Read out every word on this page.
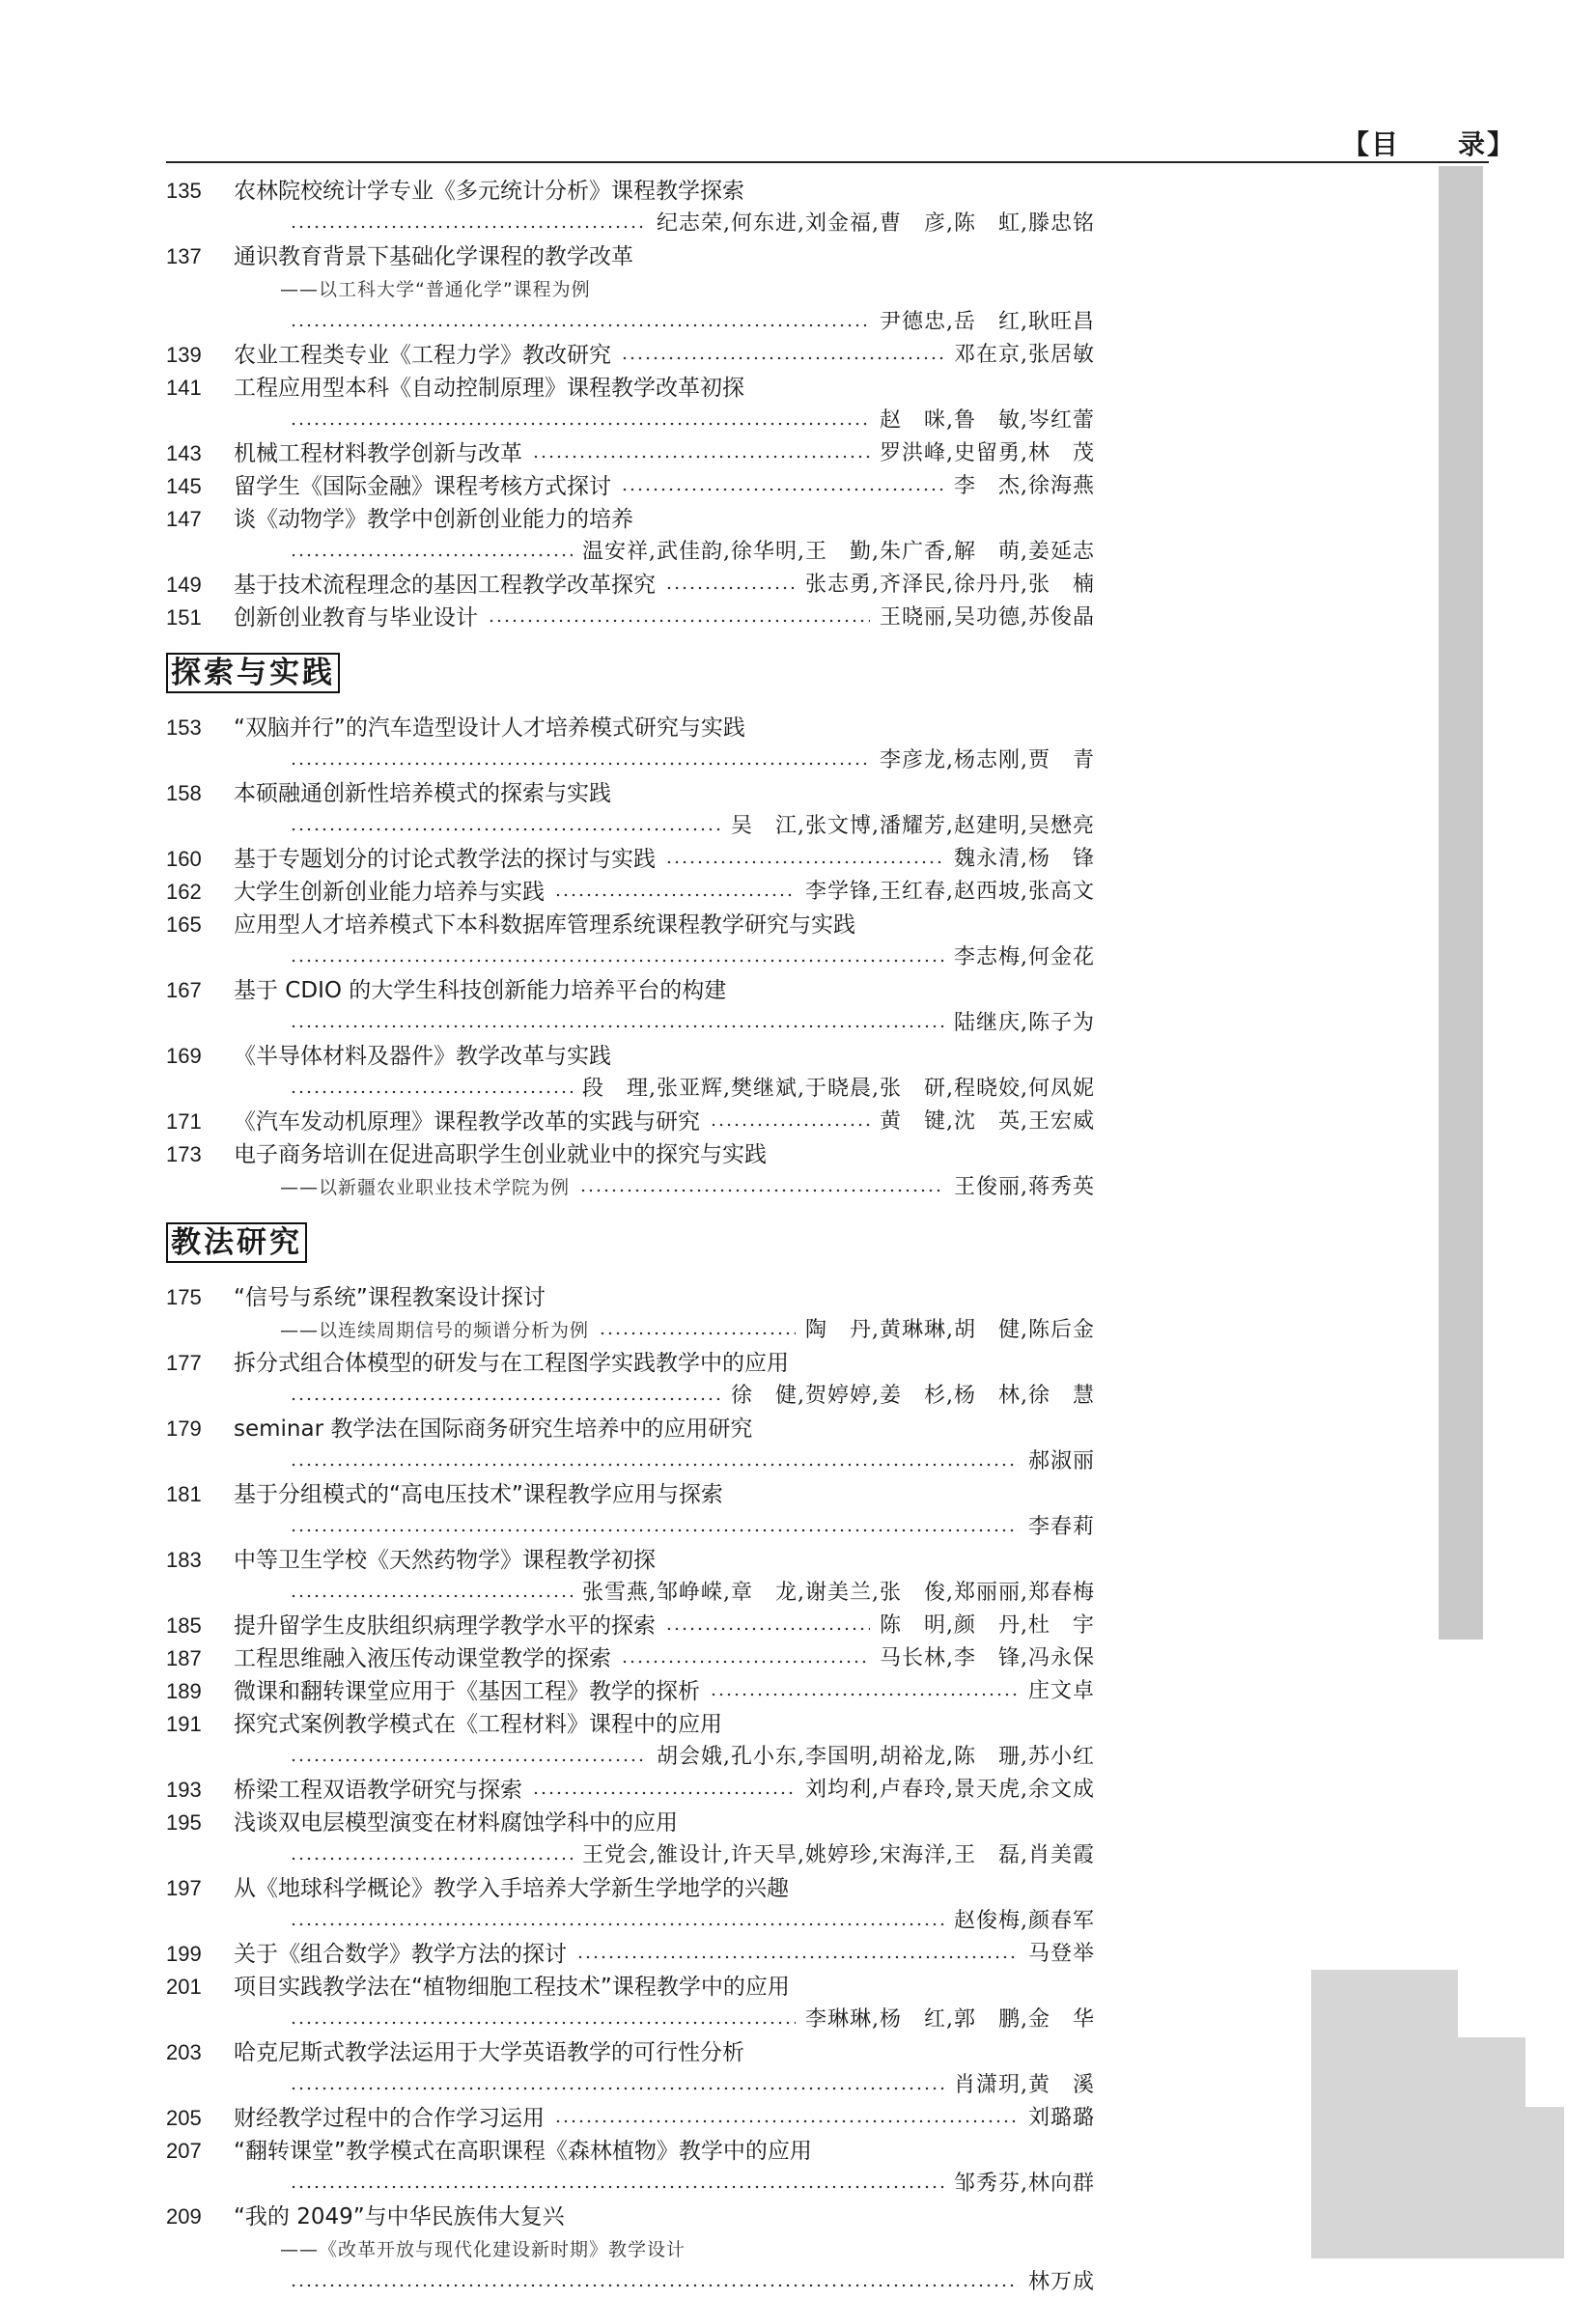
【目　　录】
135	农林院校统计学专业《多元统计分析》课程教学探索
纪志荣,何东进,刘金福,曹　彦,陈　虹,滕忠铭
137	通识教育背景下基础化学课程的教学改革
——以工科大学“普通化学”课程为例
尹德忠,岳　红,耿旺昌
139	农业工程类专业《工程力学》教改研究	邓在京,张居敏
141	工程应用型本科《自动控制原理》课程教学改革初探
赵　咪,鲁　敏,岑红蕾
143	机械工程材料教学创新与改革	罗洪峰,史留勇,林　茂
145	留学生《国际金融》课程考核方式探讨	李　杰,徐海燕
147	谈《动物学》教学中创新创业能力的培养
温安祥,武佳韵,徐华明,王　勤,朱广香,解　萌,姜延志
149	基于技术流程理念的基因工程教学改革探究	张志勇,齐泽民,徐丹丹,张　楠
151	创新创业教育与毕业设计	王晓丽,吴功德,苏俊晶
探索与实践
153	“双脑并行”的汽车造型设计人才培养模式研究与实践
李彦龙,杨志刚,贾　青
158	本硕融通创新性培养模式的探索与实践
吴　江,张文博,潘耀芳,赵建明,吴懋亮
160	基于专题划分的讨论式教学法的探讨与实践	魏永清,杨　锋
162	大学生创新创业能力培养与实践	李学锋,王红春,赵西坡,张高文
165	应用型人才培养模式下本科数据库管理系统课程教学研究与实践
李志梅,何金花
167	基于 CDIO 的大学生科技创新能力培养平台的构建
陆继庆,陈子为
169	《半导体材料及器件》教学改革与实践
段　理,张亚辉,樊继斌,于晓晨,张　研,程晓姣,何凤妮
171	《汽车发动机原理》课程教学改革的实践与研究	黄　键,沈　英,王宏威
173	电子商务培训在促进高职学生创业就业中的探究与实践
——以新疆农业职业技术学院为例	王俊丽,蒋秀英
教法研究
175	“信号与系统”课程教案设计探讨
——以连续周期信号的频谱分析为例	陶　丹,黄琳琳,胡　健,陈后金
177	拆分式组合体模型的研发与在工程图学实践教学中的应用
徐　健,贺婷婷,姜　杉,杨　林,徐　慧
179	seminar 教学法在国际商务研究生培养中的应用研究
郝淑丽
181	基于分组模式的“高电压技术”课程教学应用与探索
李春莉
183	中等卫生学校《天然药物学》课程教学初探
张雪燕,邹峥嵘,章　龙,谢美兰,张　俊,郑丽丽,郑春梅
185	提升留学生皮肤组织病理学教学水平的探索	陈　明,颜　丹,杜　宇
187	工程思维融入液压传动课堂教学的探索	马长林,李　锋,冯永保
189	微课和翻转课堂应用于《基因工程》教学的探析	庄文卓
191	探究式案例教学模式在《工程材料》课程中的应用
胡会娥,孔小东,李国明,胡裕龙,陈　珊,苏小红
193	桥梁工程双语教学研究与探索	刘均利,卢春玲,景天虎,余文成
195	浅谈双电层模型演变在材料腐蚀学科中的应用
王党会,雒设计,许天旱,姚婷珍,宋海洋,王　磊,肖美霞
197	从《地球科学概论》教学入手培养大学新生学地学的兴趣
赵俊梅,颜春军
199	关于《组合数学》教学方法的探讨	马登举
201	项目实践教学法在“植物细胞工程技术”课程教学中的应用
李琳琳,杨　红,郭　鹏,金　华
203	哈克尼斯式教学法运用于大学英语教学的可行性分析
肖潇玥,黄　溪
205	财经教学过程中的合作学习运用	刘璐璐
207	“翻转课堂”教学模式在高职课程《森林植物》教学中的应用
邹秀芬,林向群
209	“我的 2049”与中华民族伟大复兴
——《改革开放与现代化建设新时期》教学设计
林万成
